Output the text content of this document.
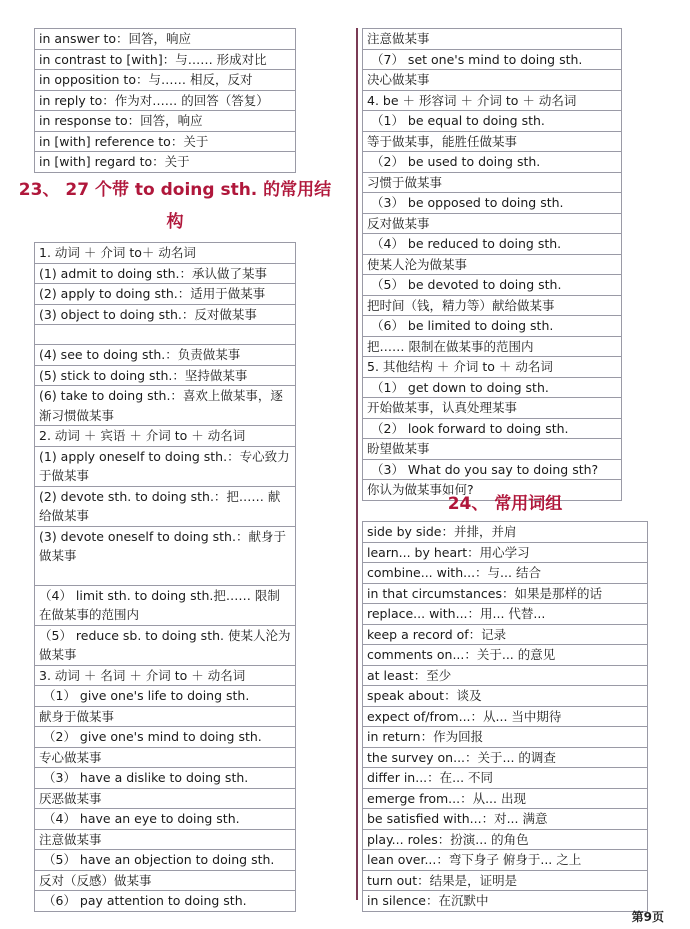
in answer to：回答，响应
in contrast to [with]：与…… 形成对比
in opposition to：与…… 相反，反对
in reply to：作为对…… 的回答（答复）
in response to：回答，响应
in [with] reference to：关于
in [with] regard to：关于
23、 27 个带 to doing sth. 的常用结
构
1. 动词 ＋ 介词 to＋ 动名词
(1) admit to doing sth.：承认做了某事
(2) apply to doing sth.：适用于做某事
(3) object to doing sth.：反对做某事
(4) see to doing sth.：负责做某事
(5) stick to doing sth.：坚持做某事
(6) take to doing sth.：喜欢上做某事，逐渐习惯做某事
2. 动词 ＋ 宾语 ＋ 介词 to ＋ 动名词
(1) apply oneself to doing sth.：专心致力于做某事
(2) devote sth. to doing sth.：把…… 献给做某事
(3) devote oneself to doing sth.：献身于做某事
（4） limit sth. to doing sth.把…… 限制在做某事的范围内
（5） reduce sb. to doing sth. 使某人沦为做某事
3. 动词 ＋ 名词 ＋ 介词 to ＋ 动名词
（1） give one's life to doing sth.
献身于做某事
（2） give one's mind to doing sth.
专心做某事
（3） have a dislike to doing sth.
厌恶做某事
（4） have an eye to doing sth.
注意做某事
（5） have an objection to doing sth.
反对（反感）做某事
（6） pay attention to doing sth.
注意做某事
（7） set one's mind to doing sth.
决心做某事
4. be ＋ 形容词 ＋ 介词 to ＋ 动名词
（1） be equal to doing sth.
等于做某事，能胜任做某事
（2） be used to doing sth.
习惯于做某事
（3） be opposed to doing sth.
反对做某事
（4） be reduced to doing sth.
使某人沦为做某事
（5） be devoted to doing sth.
把时间（钱，精力等）献给做某事
（6） be limited to doing sth.
把…… 限制在做某事的范围内
5. 其他结构 ＋ 介词 to ＋ 动名词
（1） get down to doing sth.
开始做某事，认真处理某事
（2） look forward to doing sth.
盼望做某事
（3） What do you say to doing sth?
你认为做某事如何?
24、 常用词组
side by side：并排，并肩
learn... by heart：用心学习
combine... with...：与... 结合
in that circumstances：如果是那样的话
replace... with...：用... 代替...
keep a record of：记录
comments on...：关于... 的意见
at least：至少
speak about：谈及
expect of/from...：从... 当中期待
in return：作为回报
the survey on...：关于... 的调查
differ in...：在... 不同
emerge from...：从... 出现
be satisfied with...：对... 满意
play... roles：扮演... 的角色
lean over...：弯下身子 俯身于... 之上
turn out：结果是，证明是
in silence：在沉默中
第9页
